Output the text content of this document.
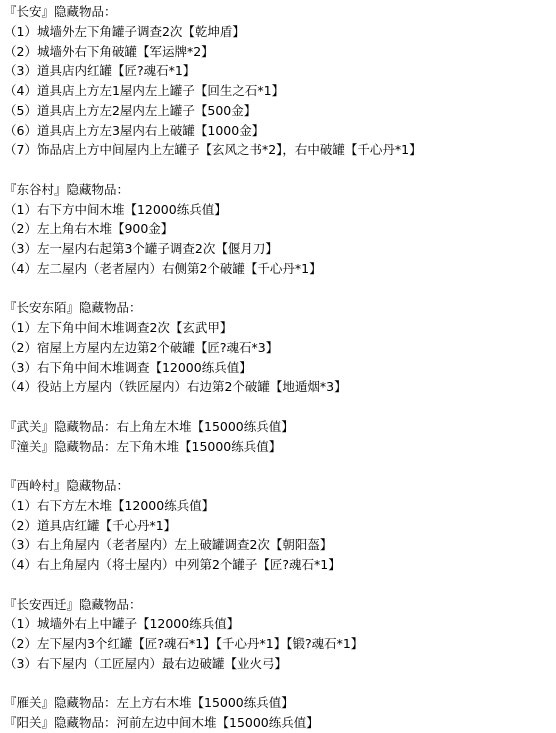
『长安』隐藏物品：
（1）城墙外左下角罐子调查2次【乾坤盾】
（2）城墙外右下角破罐【军运牌*2】
（3）道具店内红罐【匠?魂石*1】
（4）道具店上方左1屋内左上罐子【回生之石*1】
（5）道具店上方左2屋内左上罐子【500金】
（6）道具店上方左3屋内右上破罐【1000金】
（7）饰品店上方中间屋内上左罐子【玄风之书*2】，右中破罐【千心丹*1】
『东谷村』隐藏物品：
（1）右下方中间木堆【12000练兵值】
（2）左上角右木堆【900金】
（3）左一屋内右起第3个罐子调查2次【偃月刀】
（4）左二屋内（老者屋内）右侧第2个破罐【千心丹*1】
『长安东陌』隐藏物品：
（1）左下角中间木堆调查2次【玄武甲】
（2）宿屋上方屋内左边第2个破罐【匠?魂石*3】
（3）右下角中间木堆调查【12000练兵值】
（4）役站上方屋内（铁匠屋内）右边第2个破罐【地遁烟*3】
『武关』隐藏物品：右上角左木堆【15000练兵值】
『潼关』隐藏物品：左下角木堆【15000练兵值】
『西岭村』隐藏物品：
（1）右下方左木堆【12000练兵值】
（2）道具店红罐【千心丹*1】
（3）右上角屋内（老者屋内）左上破罐调查2次【朝阳盔】
（4）右上角屋内（将士屋内）中列第2个罐子【匠?魂石*1】
『长安西迁』隐藏物品：
（1）城墙外右上中罐子【12000练兵值】
（2）左下屋内3个红罐【匠?魂石*1】【千心丹*1】【锻?魂石*1】
（3）右下屋内（工匠屋内）最右边破罐【业火弓】
『雁关』隐藏物品：左上方右木堆【15000练兵值】
『阳关』隐藏物品：河前左边中间木堆【15000练兵值】
